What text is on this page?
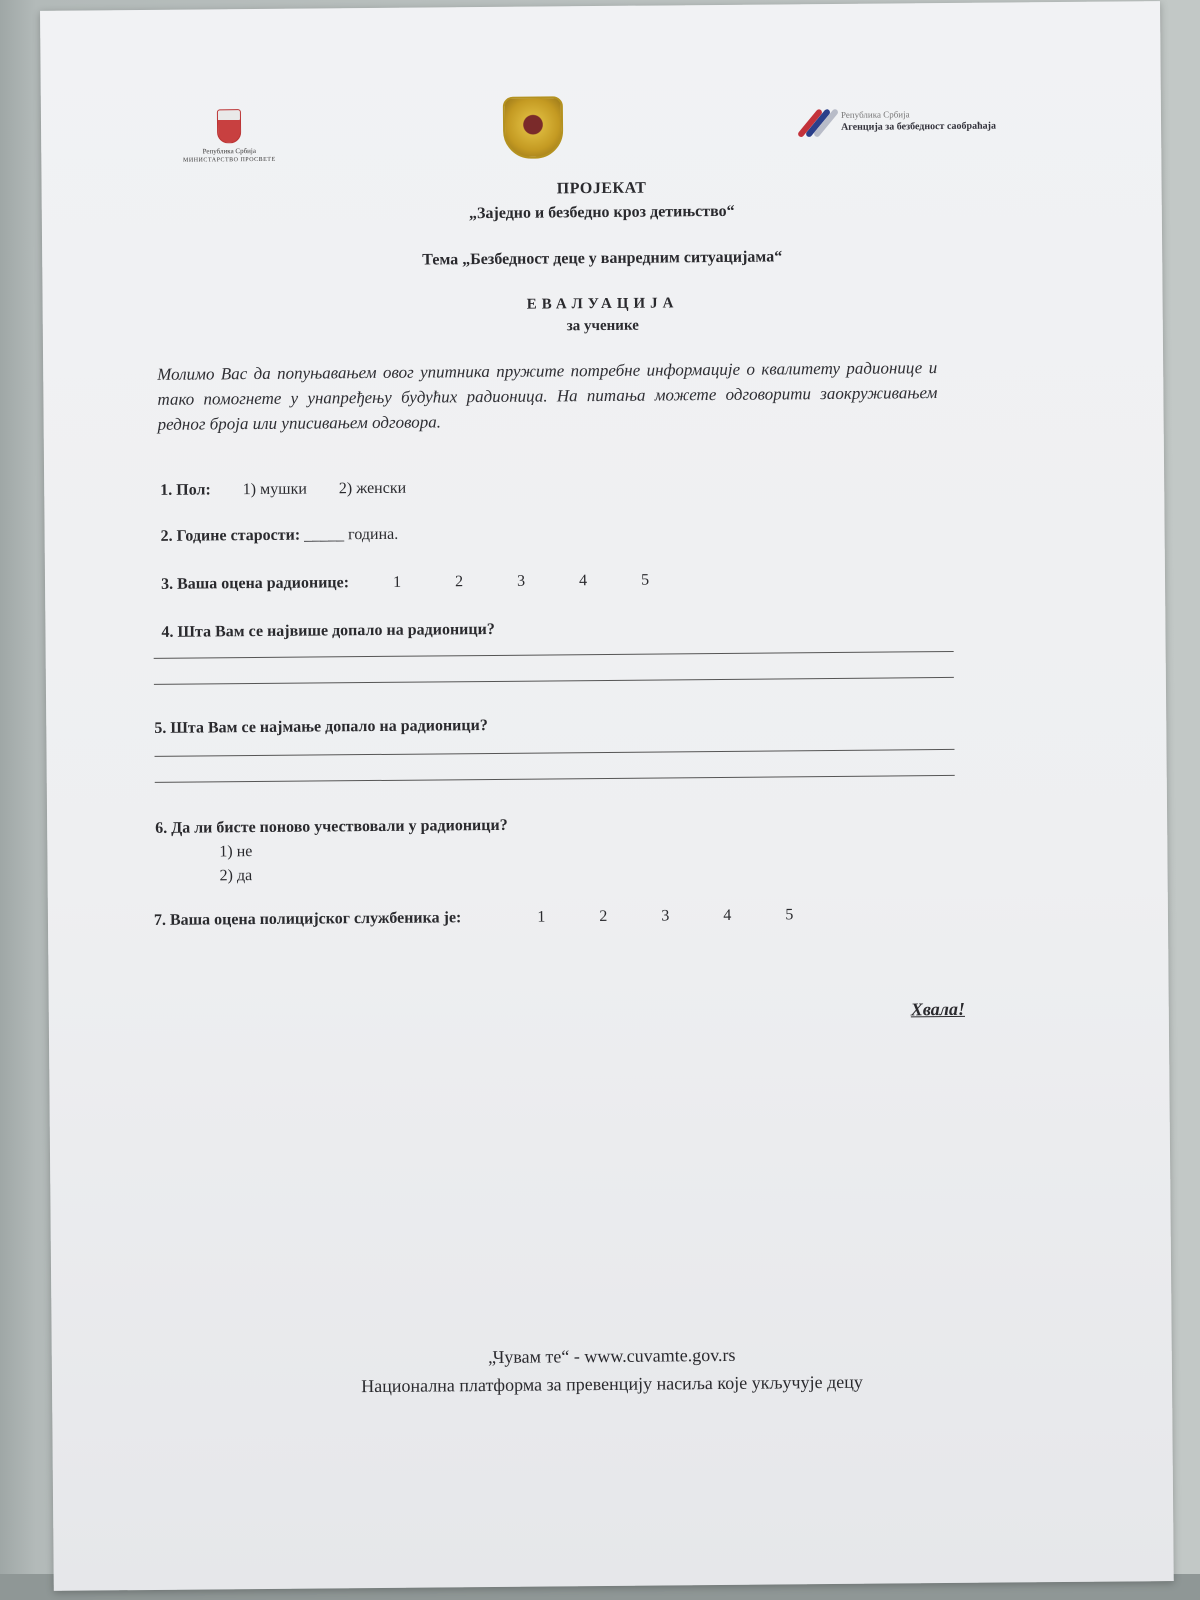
Република Србија
МИНИСТАРСТВО ПРОСВЕТЕ
Република Србија
Агенција за безбедност саобраћаја
ПРОЈЕКАТ
„Заједно и безбедно кроз детињство“
Тема „Безбедност деце у ванредним ситуацијама“
ЕВАЛУАЦИЈА
за ученике
Молимо Вас да попуњавањем овог упитника пружите потребне информације о квалитету радионице и тако помогнете у унапређењу будућих радионица. На питања можете одговорити заокруживањем редног броја или уписивањем одговора.
1. Пол: 1) мушки 2) женски
2. Године старости: _____ година.
3. Ваша оцена радионице:	1	2	3	4	5
4. Шта Вам се највише допало на радионици?
5. Шта Вам се најмање допало на радионици?
6. Да ли бисте поново учествовали у радионици?
1) не
2) да
7. Ваша оцена полицијског службеника је:	1	2	3	4	5
Хвала!
„Чувам те“ - www.cuvamte.gov.rs
Национална платформа за превенцију насиља које укључује децу
